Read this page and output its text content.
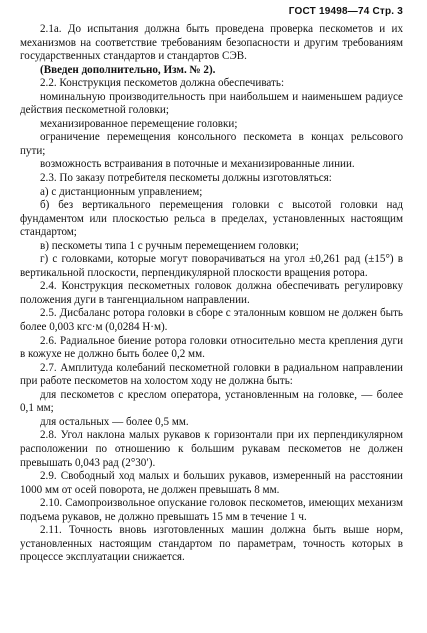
ГОСТ 19498—74 Стр. 3

2.1а. До испытания должна быть проведена проверка пескометов и их механизмов на соответствие требованиям безопасности и другим требованиям государственных стандартов и стандартов СЭВ.

(Введен дополнительно, Изм. № 2).

2.2. Конструкция пескометов должна обеспечивать:

номинальную производительность при наибольшем и наименьшем радиусе действия пескометной головки;

механизированное перемещение головки;

ограничение перемещения консольного пескомета в концах рельсового пути;

возможность встраивания в поточные и механизированные линии.

2.3. По заказу потребителя пескометы должны изготовляться:

а) с дистанционным управлением;

б) без вертикального перемещения головки с высотой головки над фундаментом или плоскостью рельса в пределах, установленных настоящим стандартом;

в) пескометы типа 1 с ручным перемещением головки;

г) с головками, которые могут поворачиваться на угол ±0,261 рад (±15°) в вертикальной плоскости, перпендикулярной плоскости вращения ротора.

2.4. Конструкция пескометных головок должна обеспечивать регулировку положения дуги в тангенциальном направлении.

2.5. Дисбаланс ротора головки в сборе с эталонным ковшом не должен быть более 0,003 кгс·м (0,0284 Н·м).

2.6. Радиальное биение ротора головки относительно места крепления дуги в кожухе не должно быть более 0,2 мм.

2.7. Амплитуда колебаний пескометной головки в радиальном направлении при работе пескометов на холостом ходу не должна быть:

для пескометов с креслом оператора, установленным на головке, — более 0,1 мм;

для остальных — более 0,5 мм.

2.8. Угол наклона малых рукавов к горизонтали при их перпендикулярном расположении по отношению к большим рукавам пескометов не должен превышать 0,043 рад (2°30′).

2.9. Свободный ход малых и больших рукавов, измеренный на расстоянии 1000 мм от осей поворота, не должен превышать 8 мм.

2.10. Самопроизвольное опускание головок пескометов, имеющих механизм подъема рукавов, не должно превышать 15 мм в течение 1 ч.

2.11. Точность вновь изготовленных машин должна быть выше норм, установленных настоящим стандартом по параметрам, точность которых в процессе эксплуатации снижается.
